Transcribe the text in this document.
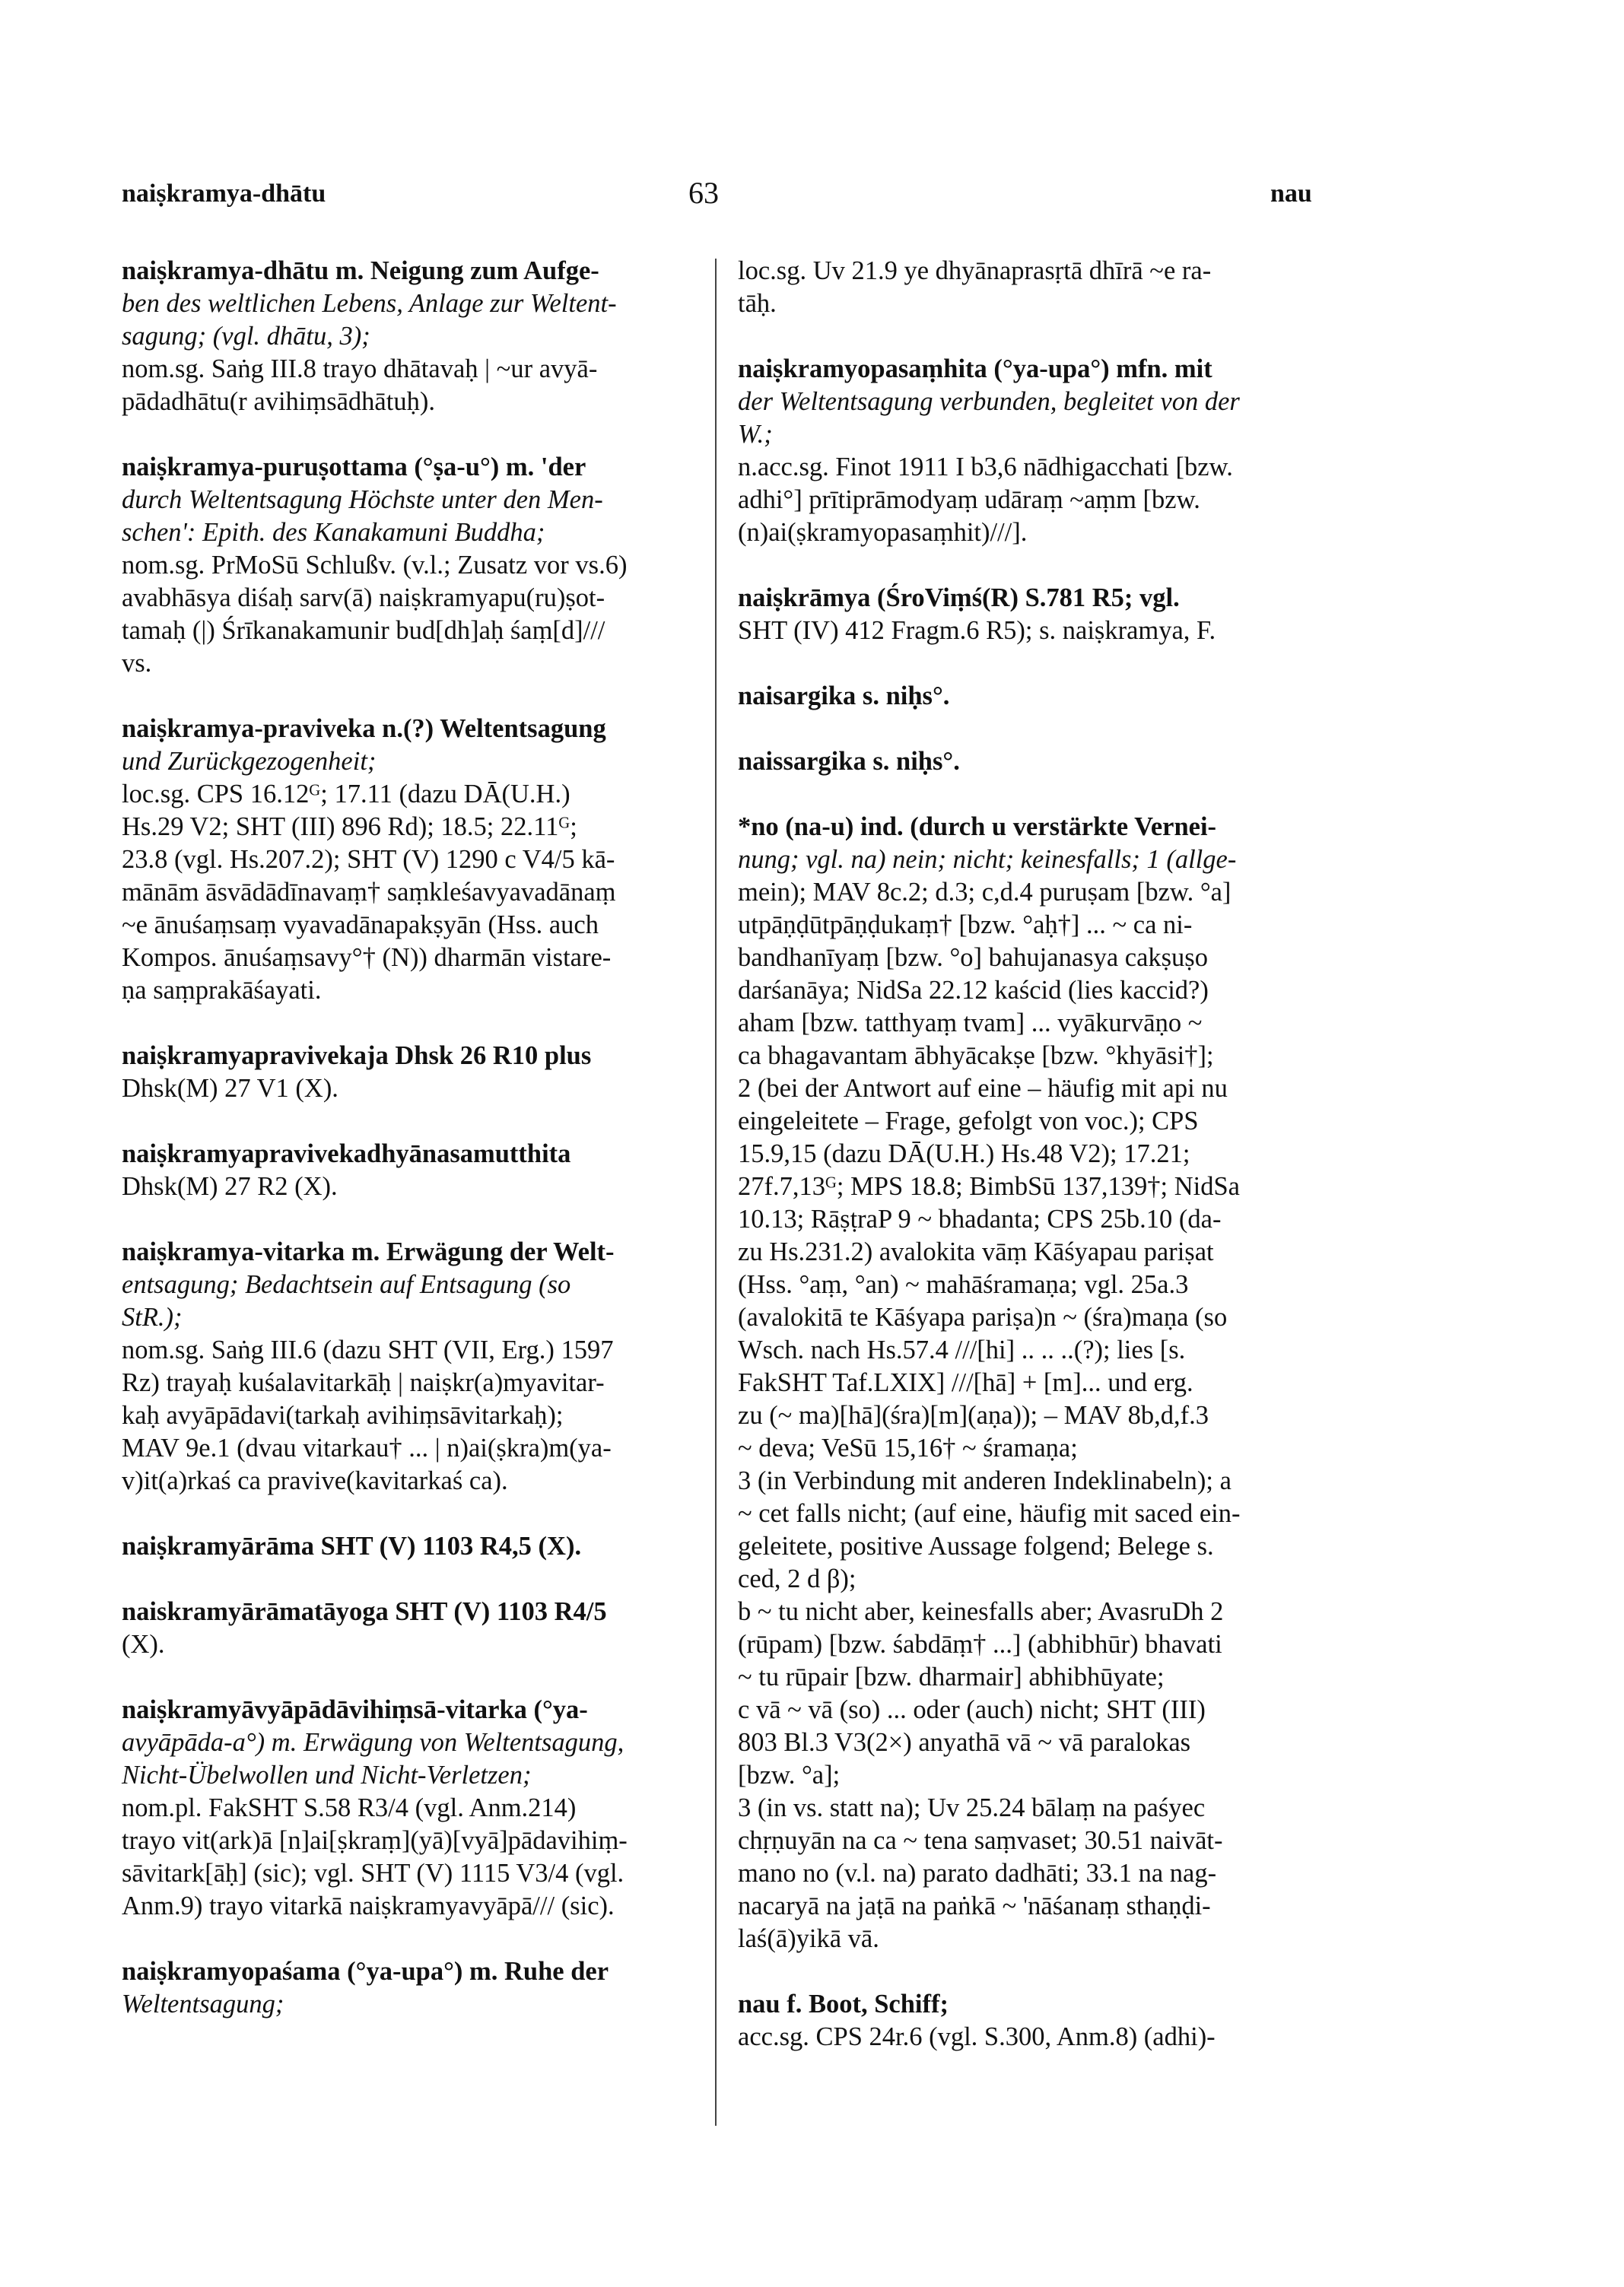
naiṣkramya-dhātu	63	nau
naiṣkramya-dhātu m. Neigung zum Aufge-
ben des weltlichen Lebens, Anlage zur Weltent-
sagung; (vgl. dhātu, 3);
nom.sg. Saṅg III.8 trayo dhātavaḥ | ~ur avyā-
pādadhātu(r avihiṃsādhātuḥ).
naiṣkramya-puruṣottama (°ṣa-u°) m. 'der
durch Weltentsagung Höchste unter den Men-
schen': Epith. des Kanakamuni Buddha;
nom.sg. PrMoSū Schlußv. (v.l.; Zusatz vor vs.6)
avabhāsya diśaḥ sarv(ā) naiṣkramyapu(ru)ṣot-
tamaḥ (|) Śrīkanakamunir bud[dh]aḥ śaṃ[d]///
vs.
naiṣkramya-praviveka n.(?) Weltentsagung
und Zurückgezogenheit;
loc.sg. CPS 16.12ᴳ; 17.11 (dazu DĀ(U.H.)
Hs.29 V2; SHT (III) 896 Rd); 18.5; 22.11ᴳ;
23.8 (vgl. Hs.207.2); SHT (V) 1290 c V4/5 kā-
mānām āsvādādīnavaṃ† saṃkleśavyavadānaṃ
~e ānuśaṃsaṃ vyavadānapakṣyān (Hss. auch
Kompos. ānuśaṃsavy°† (N)) dharmān vistare-
ṇa saṃprakāśayati.
naiṣkramyapravivekaja Dhsk 26 R10 plus
Dhsk(M) 27 V1 (X).
naiṣkramyapravivekadhyānasamutthita
Dhsk(M) 27 R2 (X).
naiṣkramya-vitarka m. Erwägung der Welt-
entsagung; Bedachtsein auf Entsagung (so
StR.);
nom.sg. Saṅg III.6 (dazu SHT (VII, Erg.) 1597
Rz) trayaḥ kuśalavitarkāḥ | naiṣkr(a)myavitar-
kaḥ avyāpādavi(tarkaḥ avihiṃsāvitarkaḥ);
MAV 9e.1 (dvau vitarkau† ... | n)ai(ṣkra)m(ya-
v)it(a)rkaś ca pravive(kavitarkaś ca).
naiṣkramyārāma SHT (V) 1103 R4,5 (X).
naiskramyārāmatāyoga SHT (V) 1103 R4/5
(X).
naiṣkramyāvyāpādāvihiṃsā-vitarka (°ya-
avyāpāda-a°) m. Erwägung von Weltentsagung,
Nicht-Übelwollen und Nicht-Verletzen;
nom.pl. FakSHT S.58 R3/4 (vgl. Anm.214)
trayo vit(ark)ā [n]ai[ṣkraṃ](yā)[vyā]pādavihiṃ-
sāvitark[āḥ] (sic); vgl. SHT (V) 1115 V3/4 (vgl.
Anm.9) trayo vitarkā naiṣkramyavyāpā/// (sic).
naiṣkramyopaśama (°ya-upa°) m. Ruhe der
Weltentsagung;
loc.sg. Uv 21.9 ye dhyānaprasṛtā dhīrā ~e ra-
tāḥ.
naiṣkramyopasaṃhita (°ya-upa°) mfn. mit
der Weltentsagung verbunden, begleitet von der
W.;
n.acc.sg. Finot 1911 I b3,6 nādhigacchati [bzw.
adhi°] prītiprāmodyaṃ udāraṃ ~aṃm [bzw.
(n)ai(ṣkramyopasaṃhit)///].
naiṣkrāmya (ŚroViṃś(R) S.781 R5; vgl.
SHT (IV) 412 Fragm.6 R5); s. naiṣkramya, F.
naisargika s. niḥs°.
naissargika s. niḥs°.
*no (na-u) ind. (durch u verstärkte Vernei-
nung; vgl. na) nein; nicht; keinesfalls; 1 (allge-
mein); MAV 8c.2; d.3; c,d.4 puruṣam [bzw. °a]
utpāṇḍūtpāṇḍukaṃ† [bzw. °aḥ†] ... ~ ca ni-
bandhanīyaṃ [bzw. °o] bahujanasya cakṣuṣo
darśanāya; NidSa 22.12 kaścid (lies kaccid?)
aham [bzw. tatthyaṃ tvam] ... vyākurvāṇo ~
ca bhagavantam ābhyācakṣe [bzw. °khyāsi†];
2 (bei der Antwort auf eine – häufig mit api nu
eingeleitete – Frage, gefolgt von voc.); CPS
15.9,15 (dazu DĀ(U.H.) Hs.48 V2); 17.21;
27f.7,13ᴳ; MPS 18.8; BimbSū 137,139†; NidSa
10.13; RāṣṭraP 9 ~ bhadanta; CPS 25b.10 (da-
zu Hs.231.2) avalokita vāṃ Kāśyapau pariṣat
(Hss. °aṃ, °an) ~ mahāśramaṇa; vgl. 25a.3
(avalokitā te Kāśyapa pariṣa)n ~ (śra)maṇa (so
Wsch. nach Hs.57.4 ///[hi] .. .. ..(?); lies [s.
FakSHT Taf.LXIX] ///[hā] + [m]... und erg.
zu (~ ma)[hā](śra)[m](aṇa)); – MAV 8b,d,f.3
~ deva; VeSū 15,16† ~ śramaṇa;
3 (in Verbindung mit anderen Indeklinabeln); a
~ cet falls nicht; (auf eine, häufig mit saced ein-
geleitete, positive Aussage folgend; Belege s.
ced, 2 d β);
b ~ tu nicht aber, keinesfalls aber; AvasruDh 2
(rūpam) [bzw. śabdāṃ† ...] (abhibhūr) bhavati
~ tu rūpair [bzw. dharmair] abhibhūyate;
c vā ~ vā (so) ... oder (auch) nicht; SHT (III)
803 Bl.3 V3(2×) anyathā vā ~ vā paralokas
[bzw. °a];
3 (in vs. statt na); Uv 25.24 bālaṃ na paśyec
chṛṇuyān na ca ~ tena saṃvaset; 30.51 naivāt-
mano no (v.l. na) parato dadhāti; 33.1 na nag-
nacaryā na jaṭā na paṅkā ~ 'nāśanaṃ sthaṇḍi-
laś(ā)yikā vā.
nau f. Boot, Schiff;
acc.sg. CPS 24r.6 (vgl. S.300, Anm.8) (adhi)-
